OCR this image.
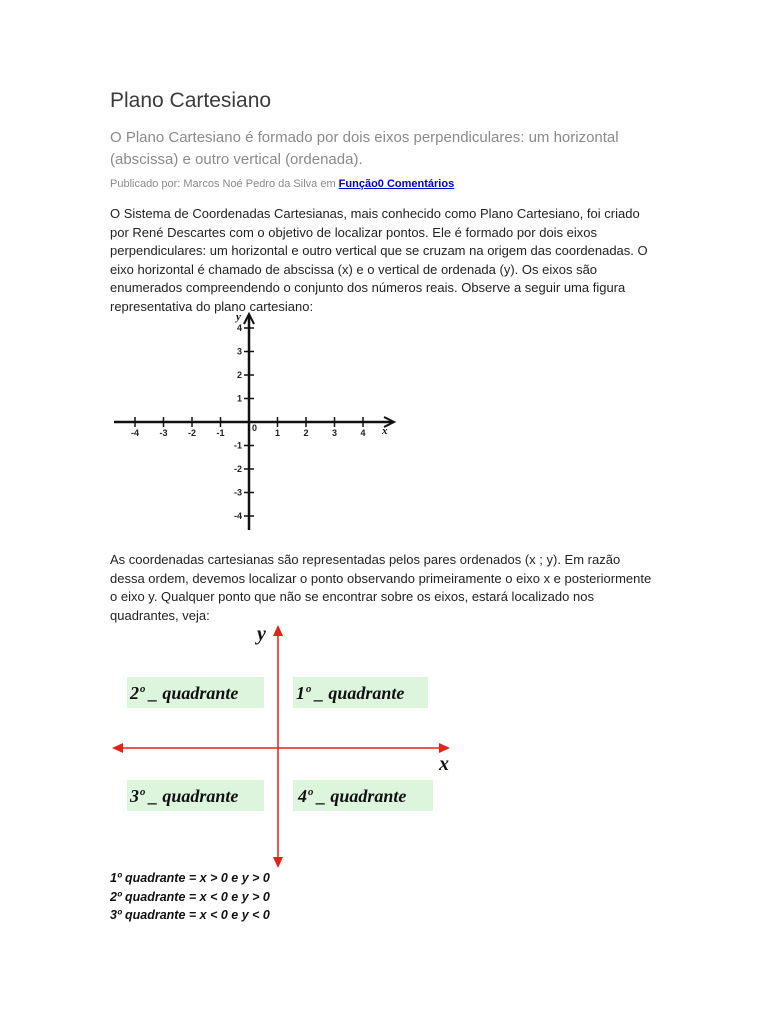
Plano Cartesiano
O Plano Cartesiano é formado por dois eixos perpendiculares: um horizontal (abscissa) e outro vertical (ordenada).
Publicado por: Marcos Noé Pedro da Silva em Função0 Comentários
O Sistema de Coordenadas Cartesianas, mais conhecido como Plano Cartesiano, foi criado por René Descartes com o objetivo de localizar pontos. Ele é formado por dois eixos perpendiculares: um horizontal e outro vertical que se cruzam na origem das coordenadas. O eixo horizontal é chamado de abscissa (x) e o vertical de ordenada (y). Os eixos são enumerados compreendendo o conjunto dos números reais. Observe a seguir uma figura representativa do plano cartesiano:
As coordenadas cartesianas são representadas pelos pares ordenados (x ; y). Em razão dessa ordem, devemos localizar o ponto observando primeiramente o eixo x e posteriormente o eixo y. Qualquer ponto que não se encontrar sobre os eixos, estará localizado nos quadrantes, veja:
-4 -3 -2 -1	1	2	3	4
4
3
2
1
-1
-2
-3
-4
y
x
0
y
x
2º _ quadrante	1º _ quadrante
3º _ quadrante	4º _ quadrante
1º quadrante = x > 0 e y > 0
2º quadrante = x < 0 e y > 0
3º quadrante = x < 0 e y < 0
